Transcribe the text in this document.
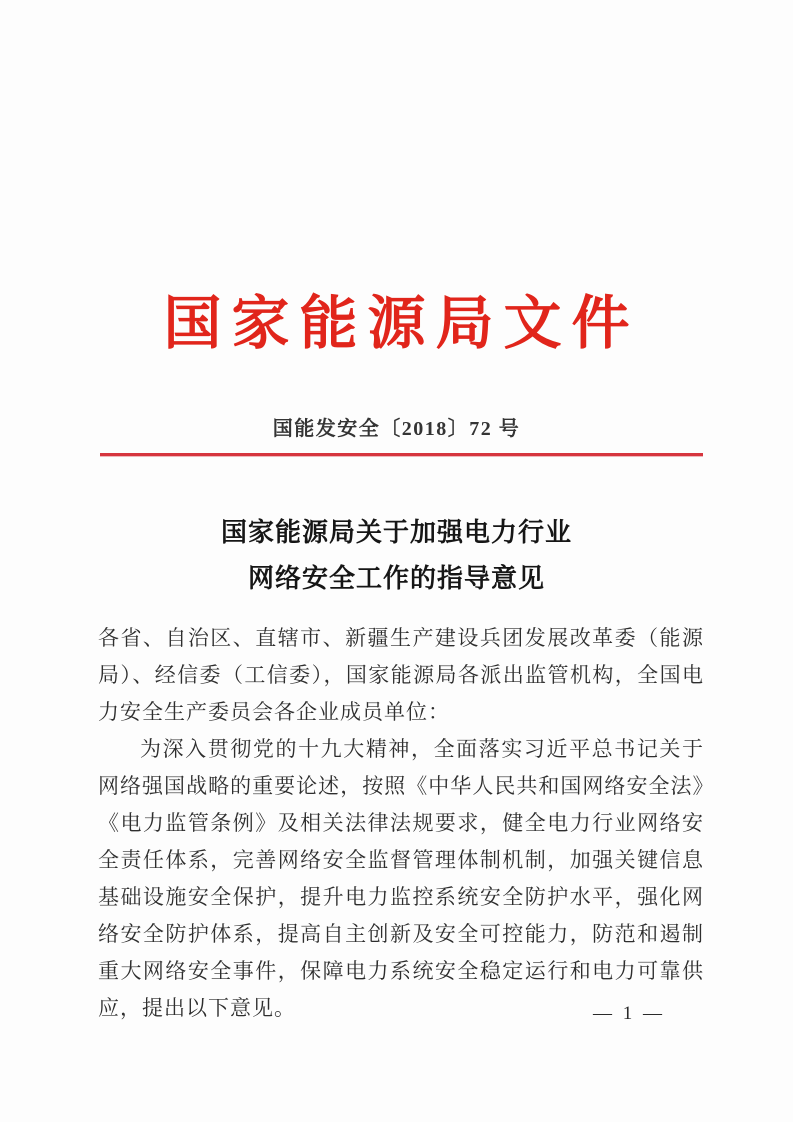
国家能源局文件
国能发安全〔2018〕72 号
国家能源局关于加强电力行业
网络安全工作的指导意见

各省、自治区、直辖市、新疆生产建设兵团发展改革委（能源局）、经信委（工信委），国家能源局各派出监管机构，全国电力安全生产委员会各企业成员单位：

为深入贯彻党的十九大精神，全面落实习近平总书记关于网络强国战略的重要论述，按照《中华人民共和国网络安全法》《电力监管条例》及相关法律法规要求，健全电力行业网络安全责任体系，完善网络安全监督管理体制机制，加强关键信息基础设施安全保护，提升电力监控系统安全防护水平，强化网络安全防护体系，提高自主创新及安全可控能力，防范和遏制重大网络安全事件，保障电力系统安全稳定运行和电力可靠供应，提出以下意见。	— 1 —
